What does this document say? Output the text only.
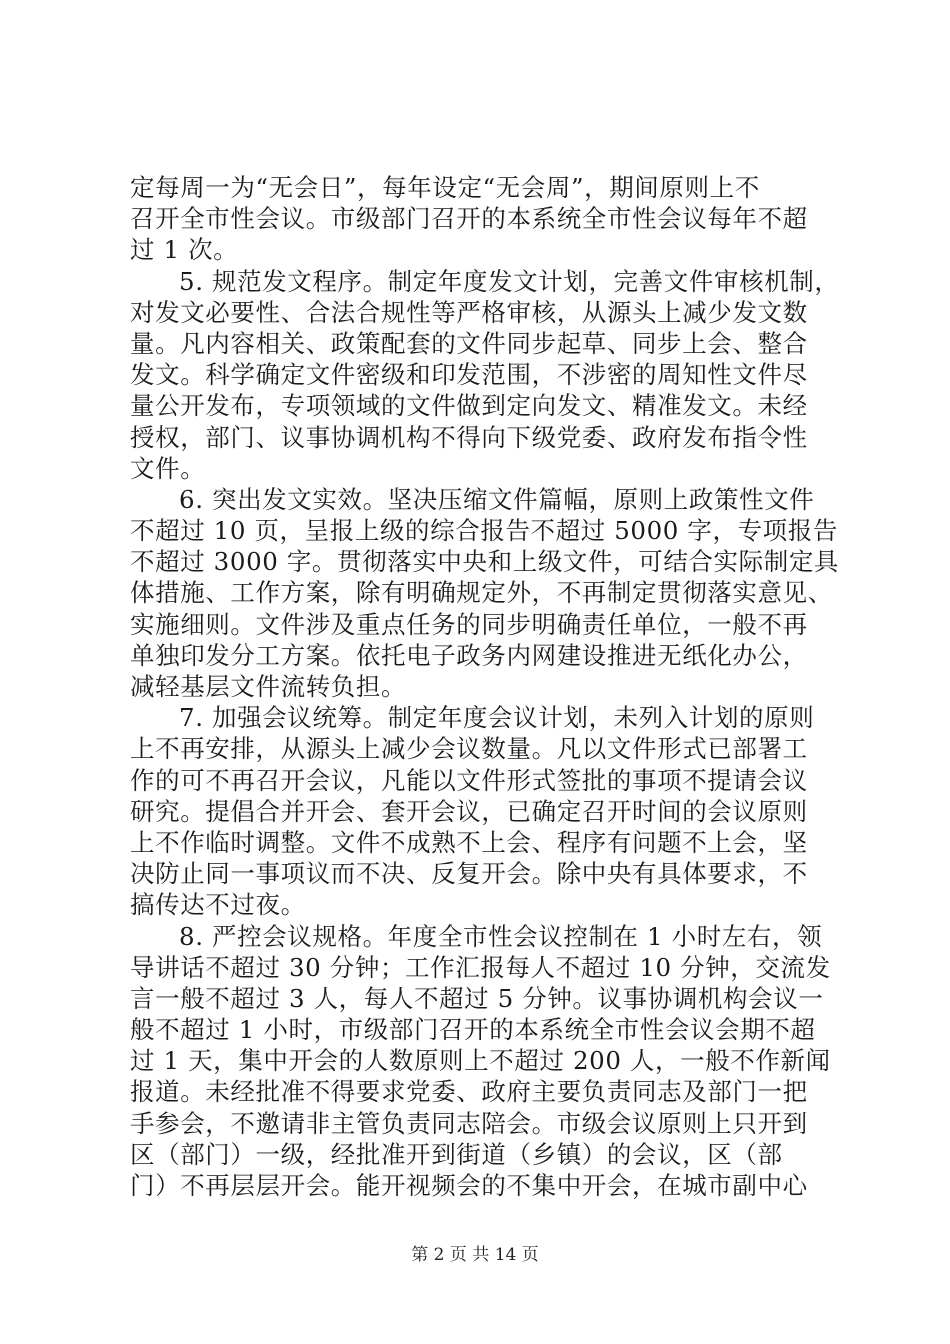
定每周一为“无会日”，每年设定“无会周”，期间原则上不
召开全市性会议。市级部门召开的本系统全市性会议每年不超
过 1 次。
5. 规范发文程序。制定年度发文计划，完善文件审核机制，
对发文必要性、合法合规性等严格审核，从源头上减少发文数
量。凡内容相关、政策配套的文件同步起草、同步上会、整合
发文。科学确定文件密级和印发范围，不涉密的周知性文件尽
量公开发布，专项领域的文件做到定向发文、精准发文。未经
授权，部门、议事协调机构不得向下级党委、政府发布指令性
文件。
6. 突出发文实效。坚决压缩文件篇幅，原则上政策性文件
不超过 10 页，呈报上级的综合报告不超过 5000 字，专项报告
不超过 3000 字。贯彻落实中央和上级文件，可结合实际制定具
体措施、工作方案，除有明确规定外，不再制定贯彻落实意见、
实施细则。文件涉及重点任务的同步明确责任单位，一般不再
单独印发分工方案。依托电子政务内网建设推进无纸化办公，
减轻基层文件流转负担。
7. 加强会议统筹。制定年度会议计划，未列入计划的原则
上不再安排，从源头上减少会议数量。凡以文件形式已部署工
作的可不再召开会议，凡能以文件形式签批的事项不提请会议
研究。提倡合并开会、套开会议，已确定召开时间的会议原则
上不作临时调整。文件不成熟不上会、程序有问题不上会，坚
决防止同一事项议而不决、反复开会。除中央有具体要求，不
搞传达不过夜。
8. 严控会议规格。年度全市性会议控制在 1 小时左右，领
导讲话不超过 30 分钟；工作汇报每人不超过 10 分钟，交流发
言一般不超过 3 人，每人不超过 5 分钟。议事协调机构会议一
般不超过 1 小时，市级部门召开的本系统全市性会议会期不超
过 1 天，集中开会的人数原则上不超过 200 人，一般不作新闻
报道。未经批准不得要求党委、政府主要负责同志及部门一把
手参会，不邀请非主管负责同志陪会。市级会议原则上只开到
区（部门）一级，经批准开到街道（乡镇）的会议，区（部
门）不再层层开会。能开视频会的不集中开会，在城市副中心
第 2 页 共 14 页
